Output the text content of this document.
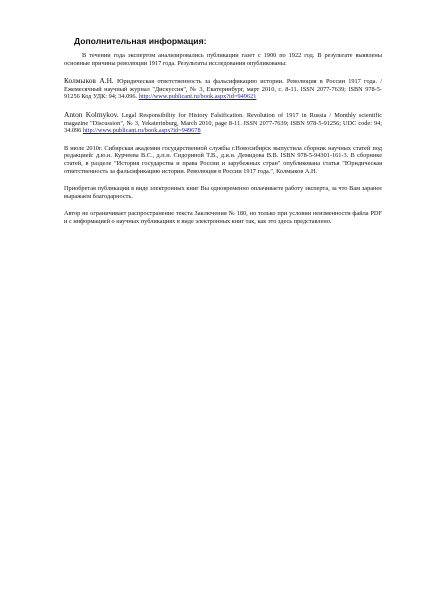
Дополнительная информация:

В течении года экспертом анализировались публикации газет с 1900 по 1922 год. В результате выявлены основные причины революции 1917 года. Результаты исследования опубликованы:

Колмыков А.Н. Юридическая ответственность за фальсификацию истории. Революция в России 1917 года. / Ежемесячный научный журнал "Дискуссия", № 3, Екатеринбург, март 2010, с. 8-11. ISSN 2077-7639; ISBN 978-5-91256 Код УДК: 94; 34.096. http://www.publicant.ru/book.aspx?id=949621

Anton Kolmykov. Legal Responsibility for History Falsification. Revolution of 1917 in Russia / Monthly scientific magazine "Discussion", № 3, Yekaterinburg, March 2010, page 8-11. ISSN 2077-7639; ISBN 978-5-91256; UDC code: 94; 34.096 http://www.publicant.ru/book.aspx?id=949678

В июле 2010г. Сибирская академия государственной службы г.Новосибирск выпустила сборник научных статей под редакцией: д.ю.н. Курчеева В.С., д.п.н. Сидориной Т.В., д.и.н. Демидова В.В. ISBN 978-5-94301-161-3. В сборнике статей, в разделе "История государства и права России и зарубежных стран" опубликована статья "Юридическая ответственность за фальсификацию истории. Революция в России 1917 года.", Колмыков А.Н.

Приобретая публикации в виде электронных книг Вы одновременно оплачиваете работу эксперта, за что Вам заранее выражаем благодарность.

Автор не ограничивает распространение текста Заключения № 180, но только при условии неизменности файла PDF и с информацией о научных публикациях в виде электронных книг так, как это здесь представлено.
